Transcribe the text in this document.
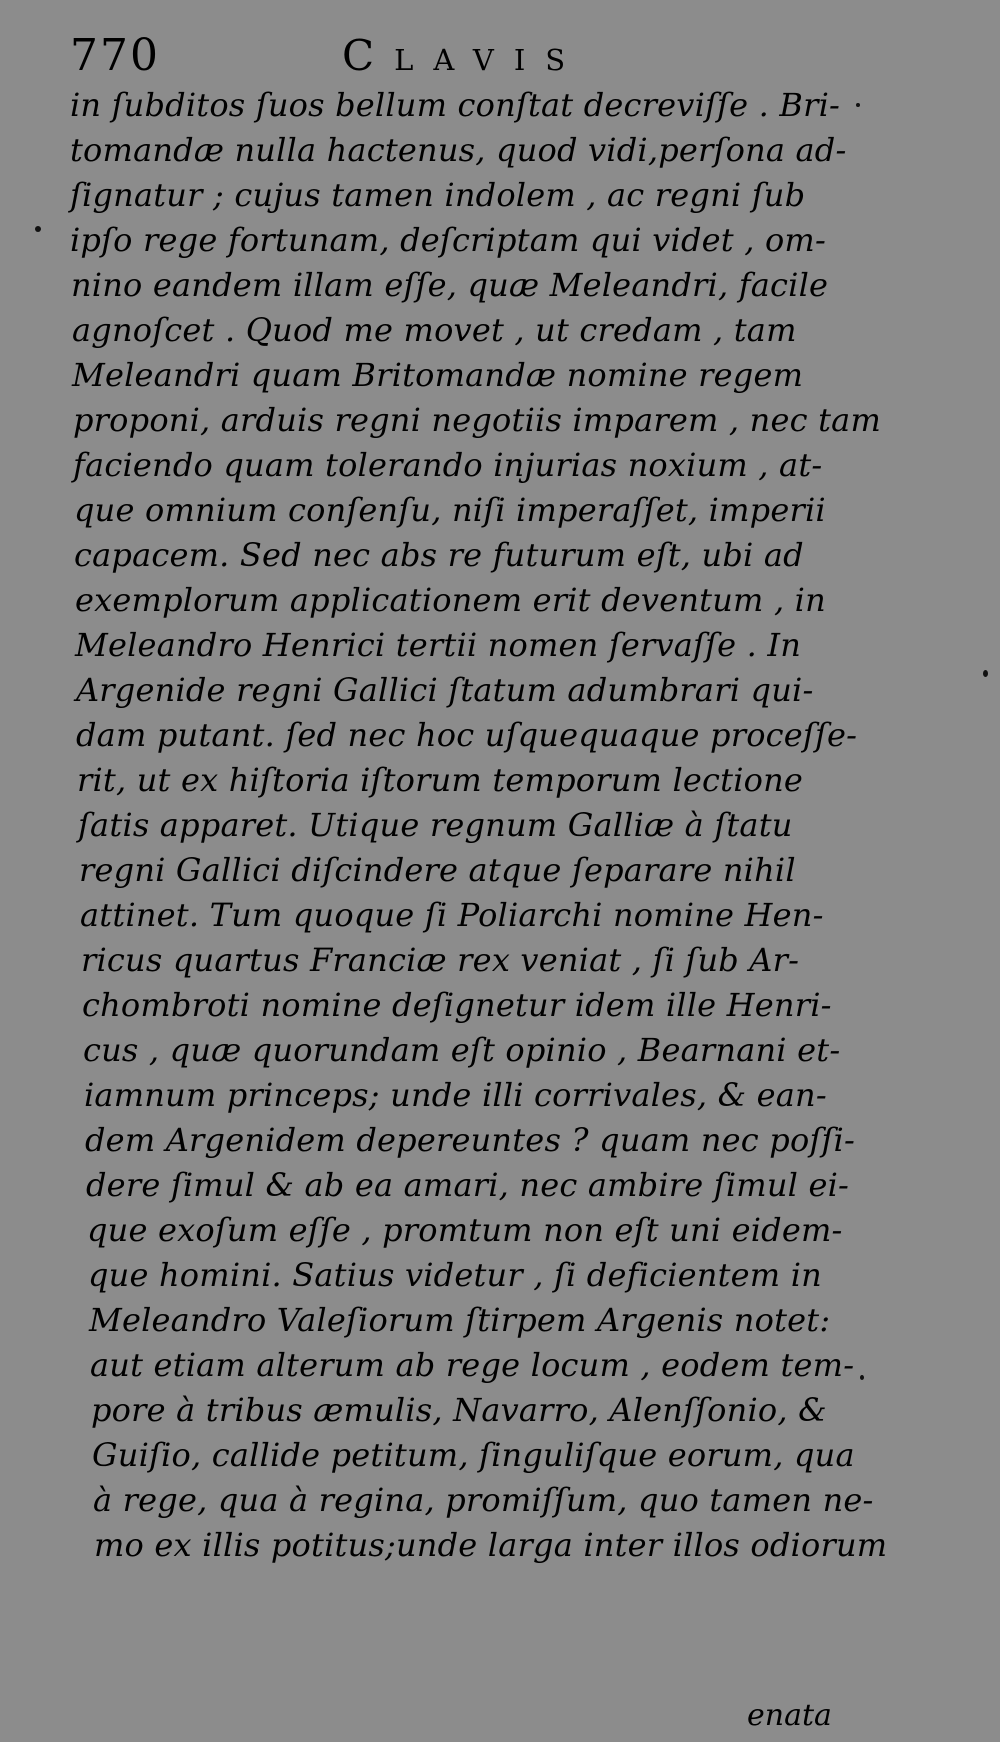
770	Clavis
in ſubditos ſuos bellum conſtat decreviſſe . Bri-
tomandæ nulla hactenus, quod vidi,perſona ad-
ſignatur ; cujus tamen indolem , ac regni ſub
ipſo rege fortunam, deſcriptam qui videt , om-
nino eandem illam eſſe, quæ Meleandri, facile
agnoſcet . Quod me movet , ut credam , tam
Meleandri quam Britomandæ nomine regem
proponi, arduis regni negotiis imparem , nec tam
faciendo quam tolerando injurias noxium , at-
que omnium conſenſu, niſi imperaſſet, imperii
capacem. Sed nec abs re futurum eſt, ubi ad
exemplorum applicationem erit deventum , in
Meleandro Henrici tertii nomen ſervaſſe . In
Argenide regni Gallici ſtatum adumbrari qui-
dam putant. ſed nec hoc uſquequaque proceſſe-
rit, ut ex hiſtoria iſtorum temporum lectione
ſatis apparet. Utique regnum Galliæ à ſtatu
regni Gallici diſcindere atque ſeparare nihil
attinet. Tum quoque ſi Poliarchi nomine Hen-
ricus quartus Franciæ rex veniat , ſi ſub Ar-
chombroti nomine deſignetur idem ille Henri-
cus , quæ quorundam eſt opinio , Bearnani et-
iamnum princeps; unde illi corrivales, & ean-
dem Argenidem depereuntes ? quam nec poſſi-
dere ſimul & ab ea amari, nec ambire ſimul ei-
que exoſum eſſe , promtum non eſt uni eidem-
que homini. Satius videtur , ſi deficientem in
Meleandro Valeſiorum ſtirpem Argenis notet:
aut etiam alterum ab rege locum , eodem tem-
pore à tribus æmulis, Navarro, Alenſſonio, &
Guiſio, callide petitum, ſinguliſque eorum, qua
à rege, qua à regina, promiſſum, quo tamen ne-
mo ex illis potitus;unde larga inter illos odiorum
enata
